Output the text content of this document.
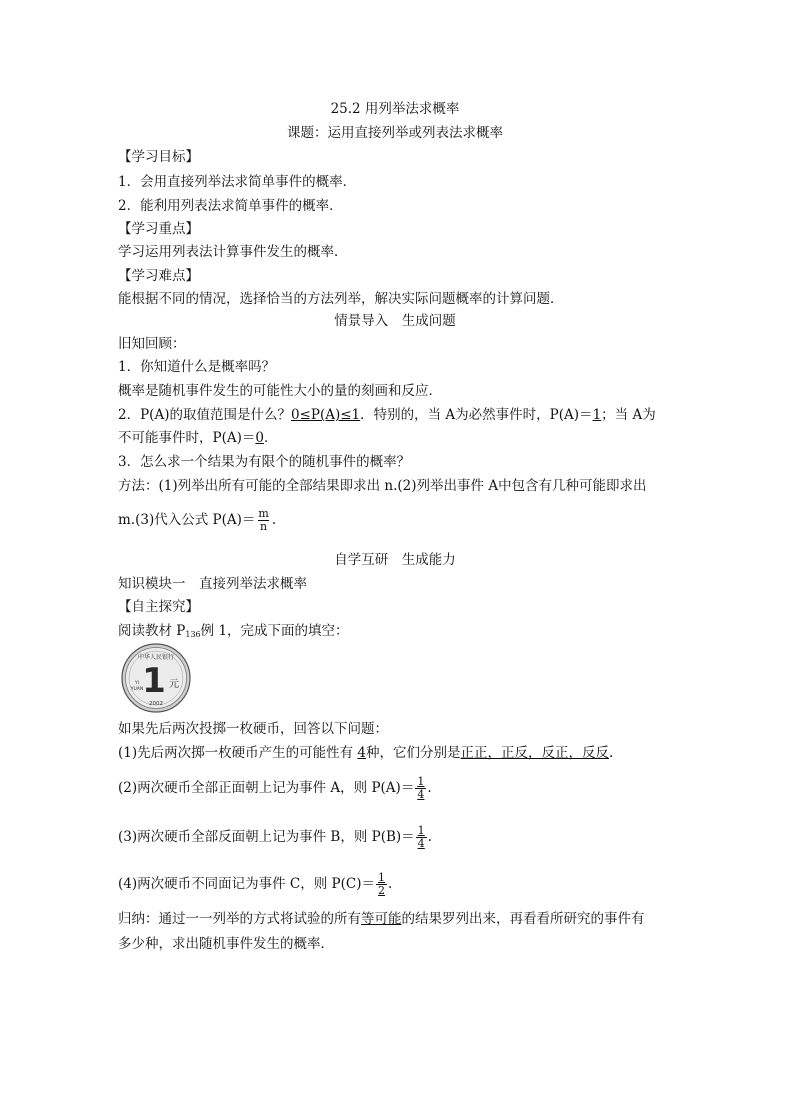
25.2 用列举法求概率
课题：运用直接列举或列表法求概率
【学习目标】
1．会用直接列举法求简单事件的概率．
2．能利用列表法求简单事件的概率．
【学习重点】
学习运用列表法计算事件发生的概率．
【学习难点】
能根据不同的情况，选择恰当的方法列举，解决实际问题概率的计算问题．
情景导入　生成问题
旧知回顾：
1．你知道什么是概率吗？
概率是随机事件发生的可能性大小的量的刻画和反应．
2．P(A)的取值范围是什么？0≤P(A)≤1．特别的，当 A为必然事件时，P(A)＝1；当 A为
不可能事件时，P(A)＝0．
3．怎么求一个结果为有限个的随机事件的概率？
方法：(1)列举出所有可能的全部结果即求出 n.(2)列举出事件 A中包含有几种可能即求出
m.(3)代入公式 $P(A)= \frac{m}{n}$ .
自学互研　生成能力
知识模块一　直接列举法求概率
【自主探究】
阅读教材 $P_{136}$例 1，完成下面的填空：
中华人民银行
1 元
YI
YUAN
2002
如果先后两次投掷一枚硬币，回答以下问题：
(1)先后两次掷一枚硬币产生的可能性有 4种，它们分别是正正，正反，反正，反反.
(2)两次硬币全部正面朝上记为事件 A，则 $P(A)= \frac{1}{4}$ .
(3)两次硬币全部反面朝上记为事件 B，则 $P(B)= \frac{1}{4}$ .
(4)两次硬币不同面记为事件 C，则 $P(C)= \frac{1}{2}$ .
归纳：通过一一列举的方式将试验的所有等可能的结果罗列出来，再看看所研究的事件有
多少种，求出随机事件发生的概率．
